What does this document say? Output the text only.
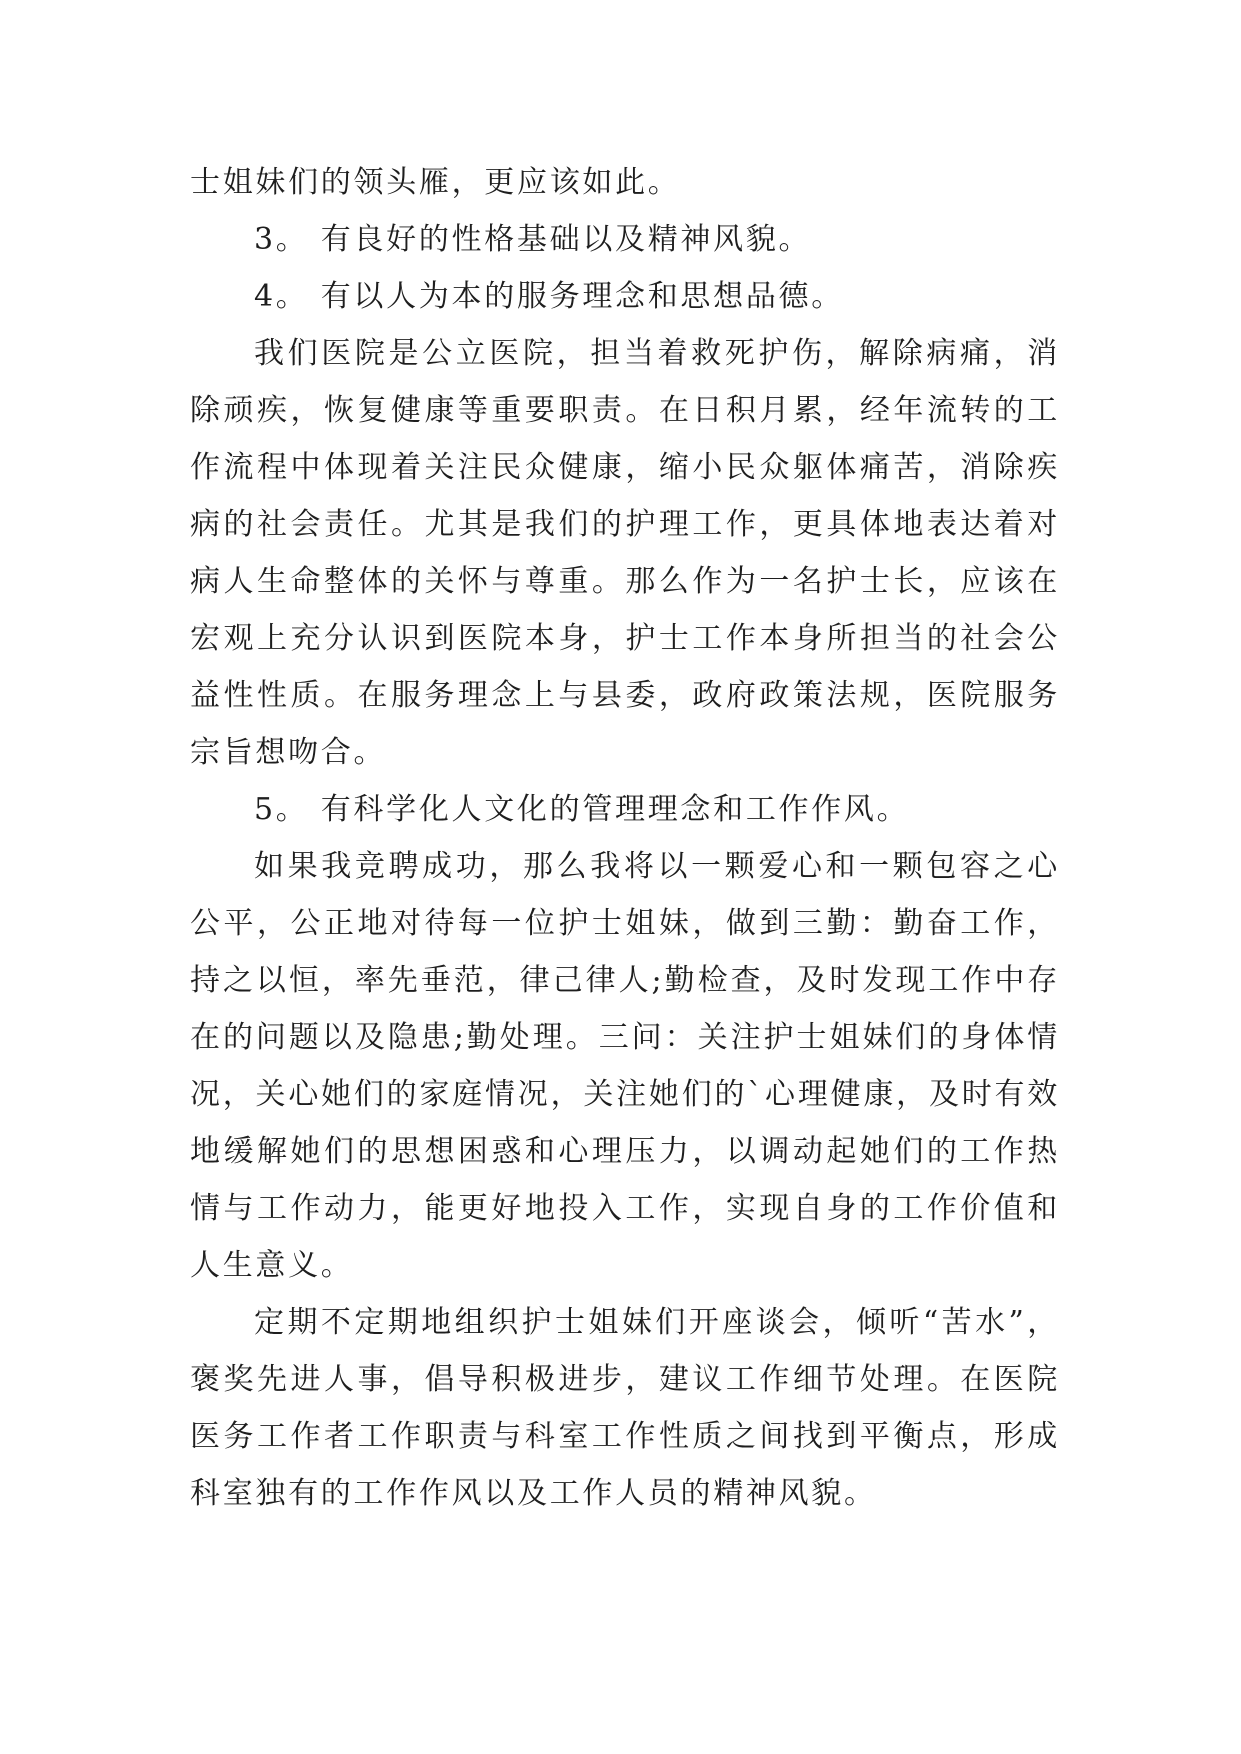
士姐妹们的领头雁，更应该如此。

3。 有良好的性格基础以及精神风貌。

4。 有以人为本的服务理念和思想品德。

我们医院是公立医院，担当着救死护伤，解除病痛，消除顽疾，恢复健康等重要职责。在日积月累，经年流转的工作流程中体现着关注民众健康，缩小民众躯体痛苦，消除疾病的社会责任。尤其是我们的护理工作，更具体地表达着对病人生命整体的关怀与尊重。那么作为一名护士长，应该在宏观上充分认识到医院本身，护士工作本身所担当的社会公益性性质。在服务理念上与县委，政府政策法规，医院服务宗旨想吻合。

5。 有科学化人文化的管理理念和工作作风。

如果我竞聘成功，那么我将以一颗爱心和一颗包容之心公平，公正地对待每一位护士姐妹，做到三勤：勤奋工作，持之以恒，率先垂范，律己律人;勤检查，及时发现工作中存在的问题以及隐患;勤处理。三问：关注护士姐妹们的身体情况，关心她们的家庭情况，关注她们的`心理健康，及时有效地缓解她们的思想困惑和心理压力，以调动起她们的工作热情与工作动力，能更好地投入工作，实现自身的工作价值和人生意义。

定期不定期地组织护士姐妹们开座谈会，倾听“苦水”，褒奖先进人事，倡导积极进步，建议工作细节处理。在医院医务工作者工作职责与科室工作性质之间找到平衡点，形成科室独有的工作作风以及工作人员的精神风貌。
